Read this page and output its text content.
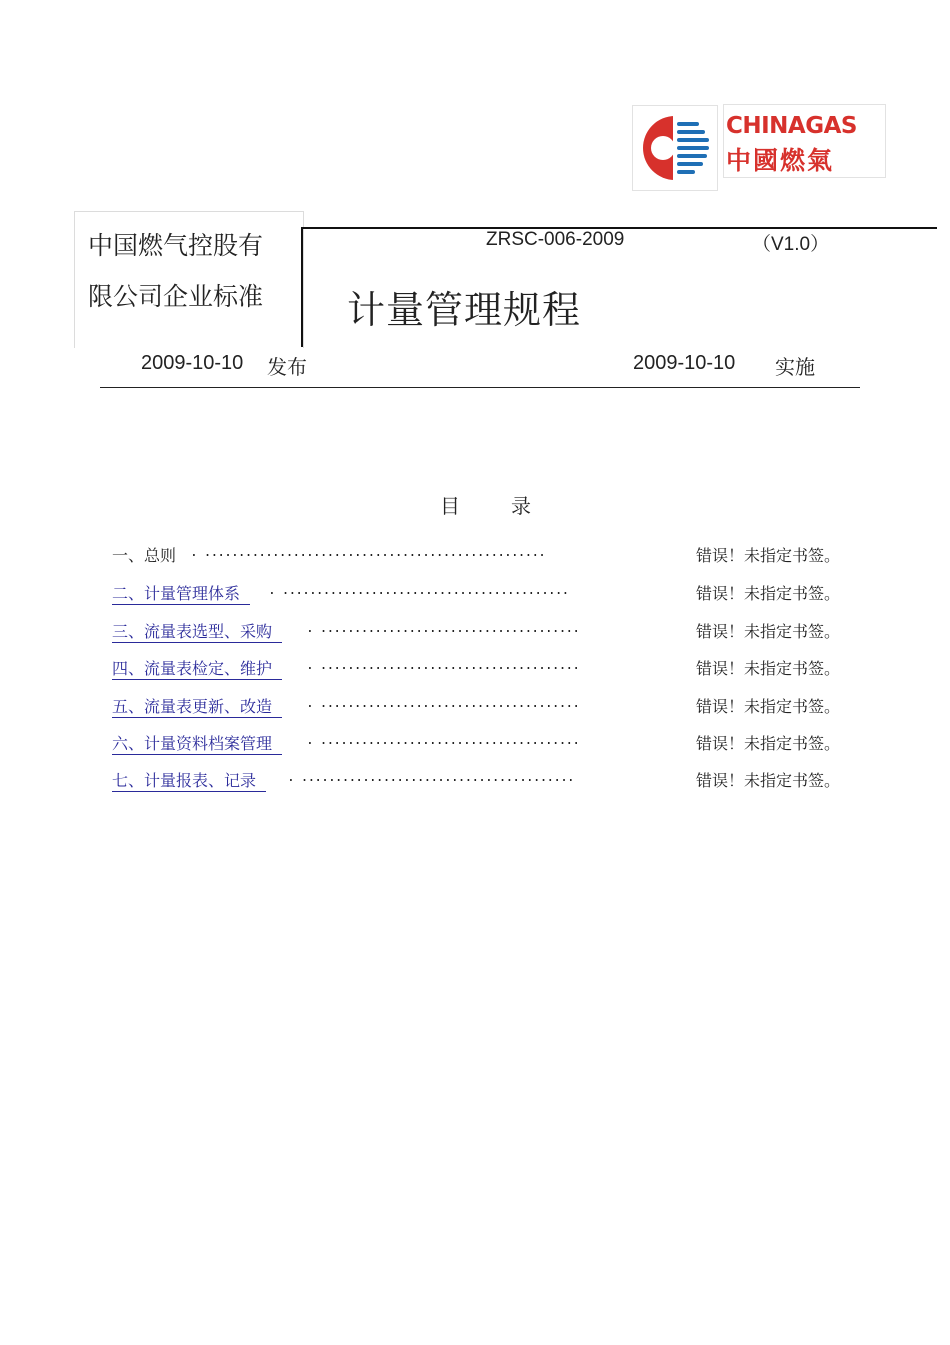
CHINAGAS
中國燃氣
中国燃气控股有
限公司企业标准
ZRSC-006-2009	（V1.0）
计量管理规程
2009-10-10 发布	2009-10-10 实施
目	录
一、总则	. ..................................................	错误！未指定书签。
二、计量管理体系	. ..........................................	错误！未指定书签。
三、流量表选型、采购	. ......................................	错误！未指定书签。
四、流量表检定、维护	. ......................................	错误！未指定书签。
五、流量表更新、改造	. ......................................	错误！未指定书签。
六、计量资料档案管理	. ......................................	错误！未指定书签。
七、计量报表、记录	. ........................................	错误！未指定书签。
